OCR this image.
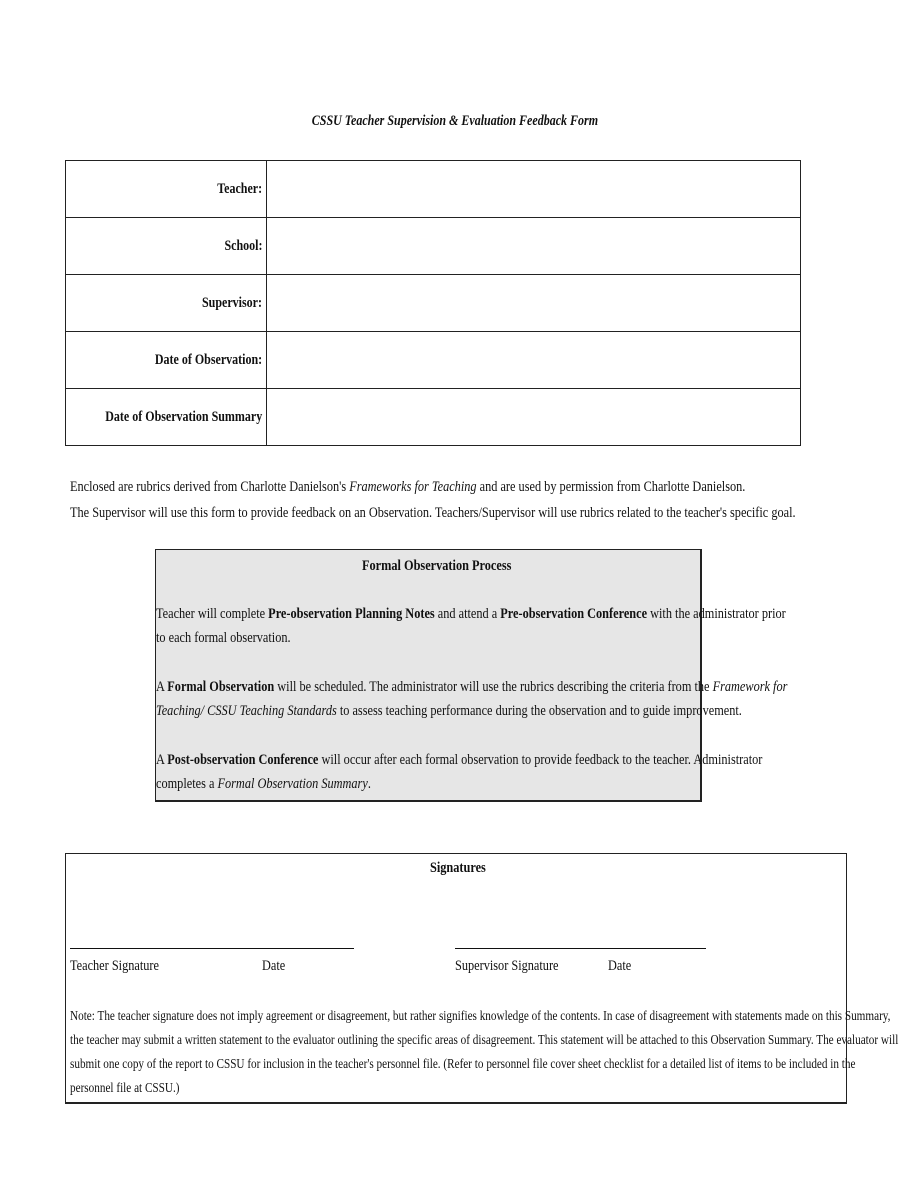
CSSU Teacher Supervision & Evaluation Feedback Form
Teacher:	
School:	
Supervisor:	
Date of Observation:	
Date of Observation Summary	
Enclosed are rubrics derived from Charlotte Danielson's Frameworks for Teaching and are used by permission from Charlotte Danielson.
The Supervisor will use this form to provide feedback on an Observation. Teachers/Supervisor will use rubrics related to the teacher's specific goal.
Formal Observation Process
Teacher will complete Pre-observation Planning Notes and attend a Pre-observation Conference with the administrator prior
to each formal observation.
A Formal Observation will be scheduled. The administrator will use the rubrics describing the criteria from the Framework for
Teaching/ CSSU Teaching Standards to assess teaching performance during the observation and to guide improvement.
A Post-observation Conference will occur after each formal observation to provide feedback to the teacher. Administrator
completes a Formal Observation Summary.
Signatures
Teacher Signature	Date	Supervisor Signature	Date
Note: The teacher signature does not imply agreement or disagreement, but rather signifies knowledge of the contents. In case of disagreement with statements made on this Summary,
the teacher may submit a written statement to the evaluator outlining the specific areas of disagreement. This statement will be attached to this Observation Summary. The evaluator will
submit one copy of the report to CSSU for inclusion in the teacher's personnel file. (Refer to personnel file cover sheet checklist for a detailed list of items to be included in the
personnel file at CSSU.)
